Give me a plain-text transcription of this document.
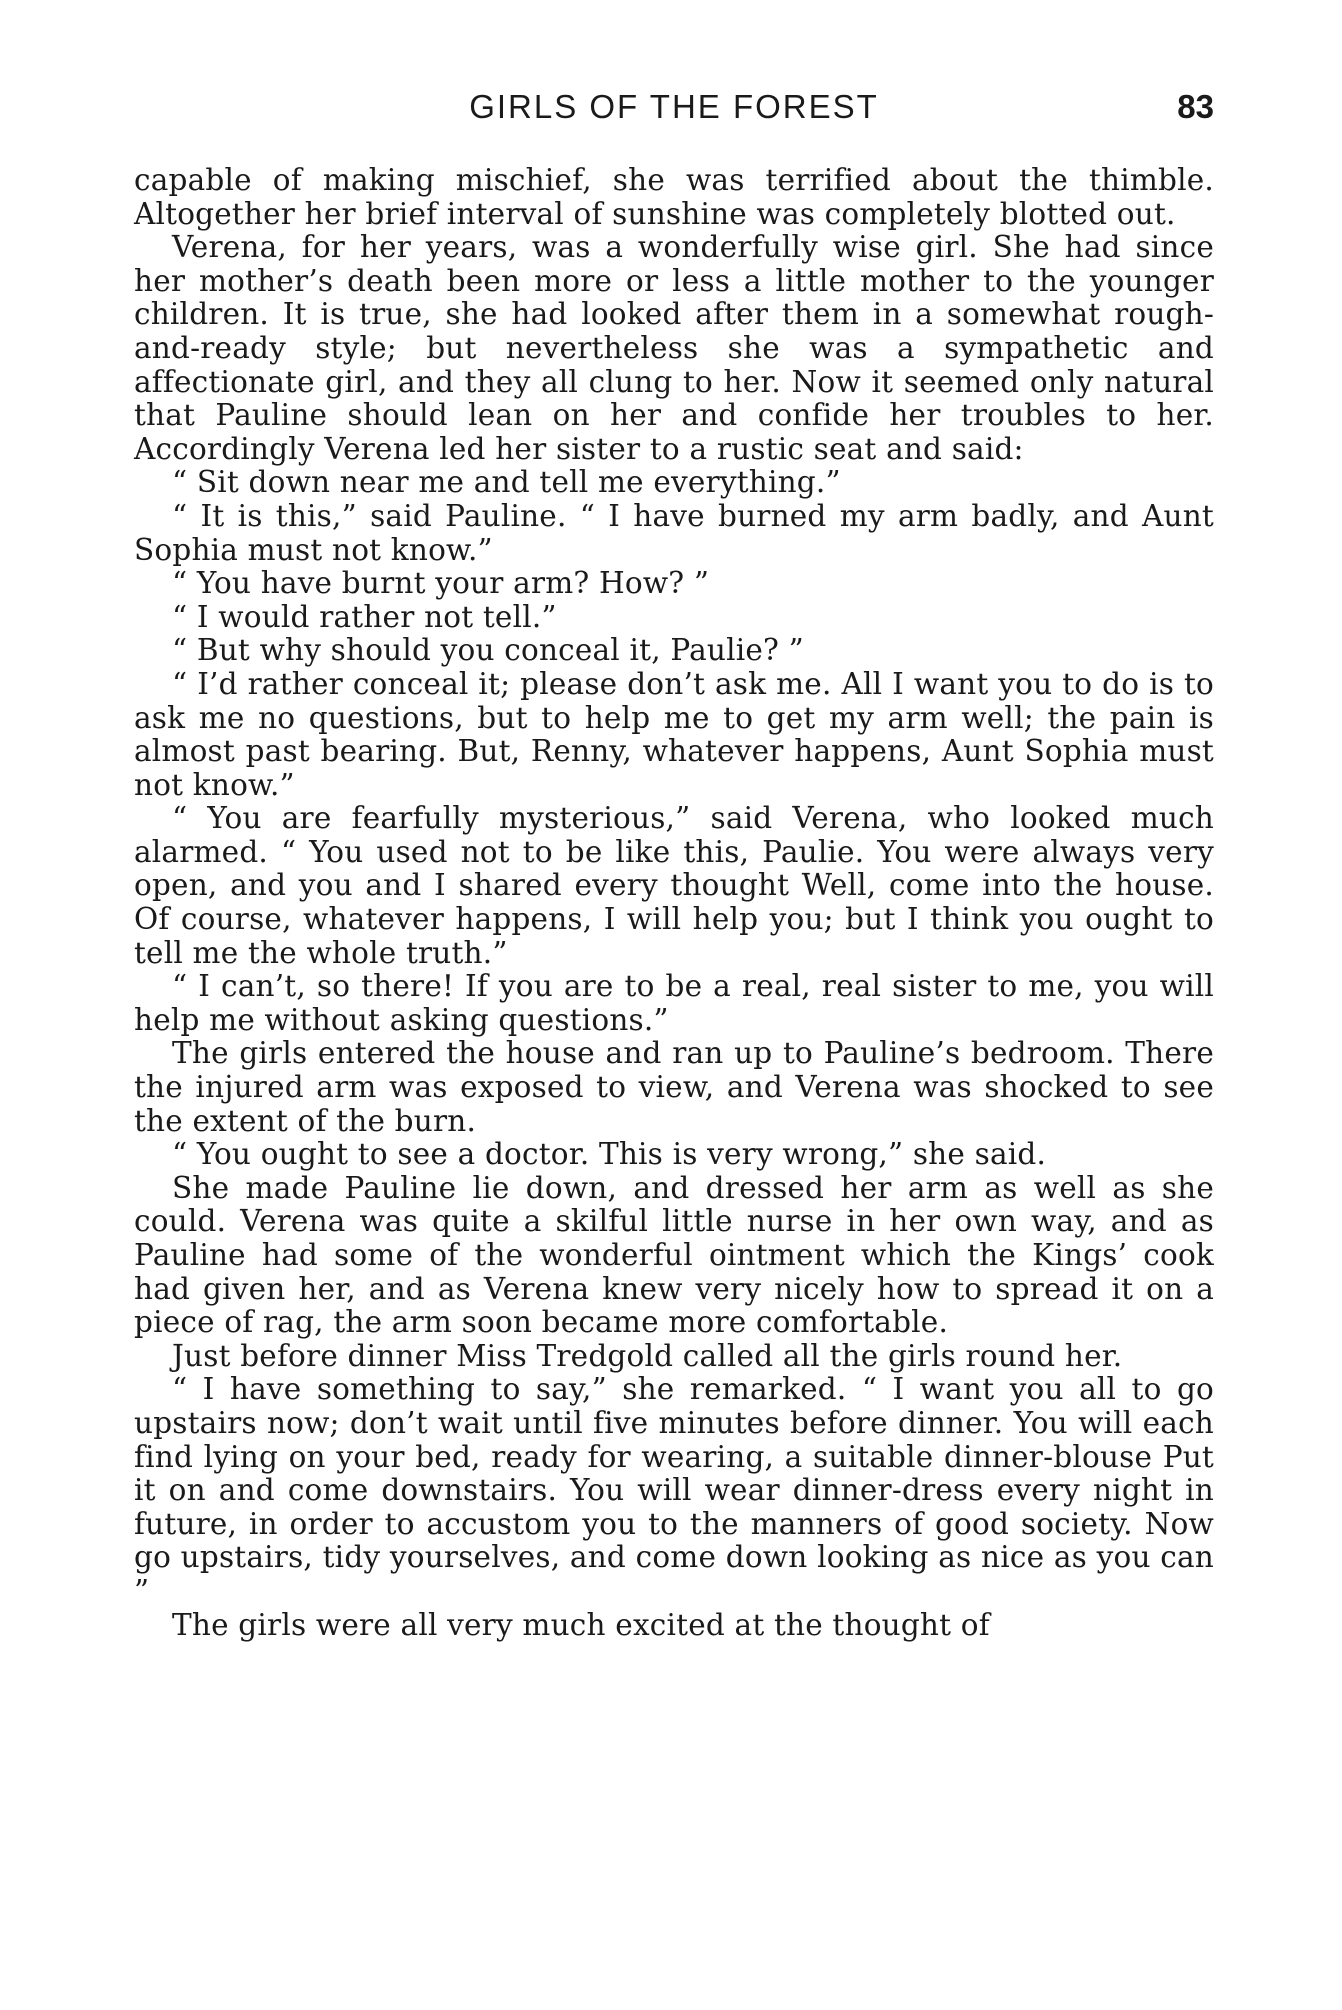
GIRLS OF THE FOREST	83

capable of making mischief, she was terrified about the thimble. Altogether her brief interval of sunshine was completely blotted out.

Verena, for her years, was a wonderfully wise girl. She had since her mother’s death been more or less a little mother to the younger children. It is true, she had looked after them in a somewhat rough-and-ready style; but nevertheless she was a sympathetic and affectionate girl, and they all clung to her. Now it seemed only natural that Pauline should lean on her and confide her troubles to her. Accordingly Verena led her sister to a rustic seat and said:

“ Sit down near me and tell me everything.”

“ It is this,” said Pauline. “ I have burned my arm badly, and Aunt Sophia must not know.”

“ You have burnt your arm? How? ”

“ I would rather not tell.”

“ But why should you conceal it, Paulie? ”

“ I’d rather conceal it; please don’t ask me. All I want you to do is to ask me no questions, but to help me to get my arm well; the pain is almost past bearing. But, Renny, whatever happens, Aunt Sophia must not know.”

“ You are fearfully mysterious,” said Verena, who looked much alarmed. “ You used not to be like this, Paulie. You were always very open, and you and I shared every thought Well, come into the house. Of course, whatever happens, I will help you; but I think you ought to tell me the whole truth.”

“ I can’t, so there! If you are to be a real, real sister to me, you will help me without asking questions.”

The girls entered the house and ran up to Pauline’s bedroom. There the injured arm was exposed to view, and Verena was shocked to see the extent of the burn.

“ You ought to see a doctor. This is very wrong,” she said.

She made Pauline lie down, and dressed her arm as well as she could. Verena was quite a skilful little nurse in her own way, and as Pauline had some of the wonderful ointment which the Kings’ cook had given her, and as Verena knew very nicely how to spread it on a piece of rag, the arm soon became more comfortable.

Just before dinner Miss Tredgold called all the girls round her.

“ I have something to say,” she remarked. “ I want you all to go upstairs now; don’t wait until five minutes before dinner. You will each find lying on your bed, ready for wearing, a suitable dinner-blouse Put it on and come downstairs. You will wear dinner-dress every night in future, in order to accustom you to the manners of good society. Now go upstairs, tidy yourselves, and come down looking as nice as you can ”

The girls were all very much excited at the thought of
